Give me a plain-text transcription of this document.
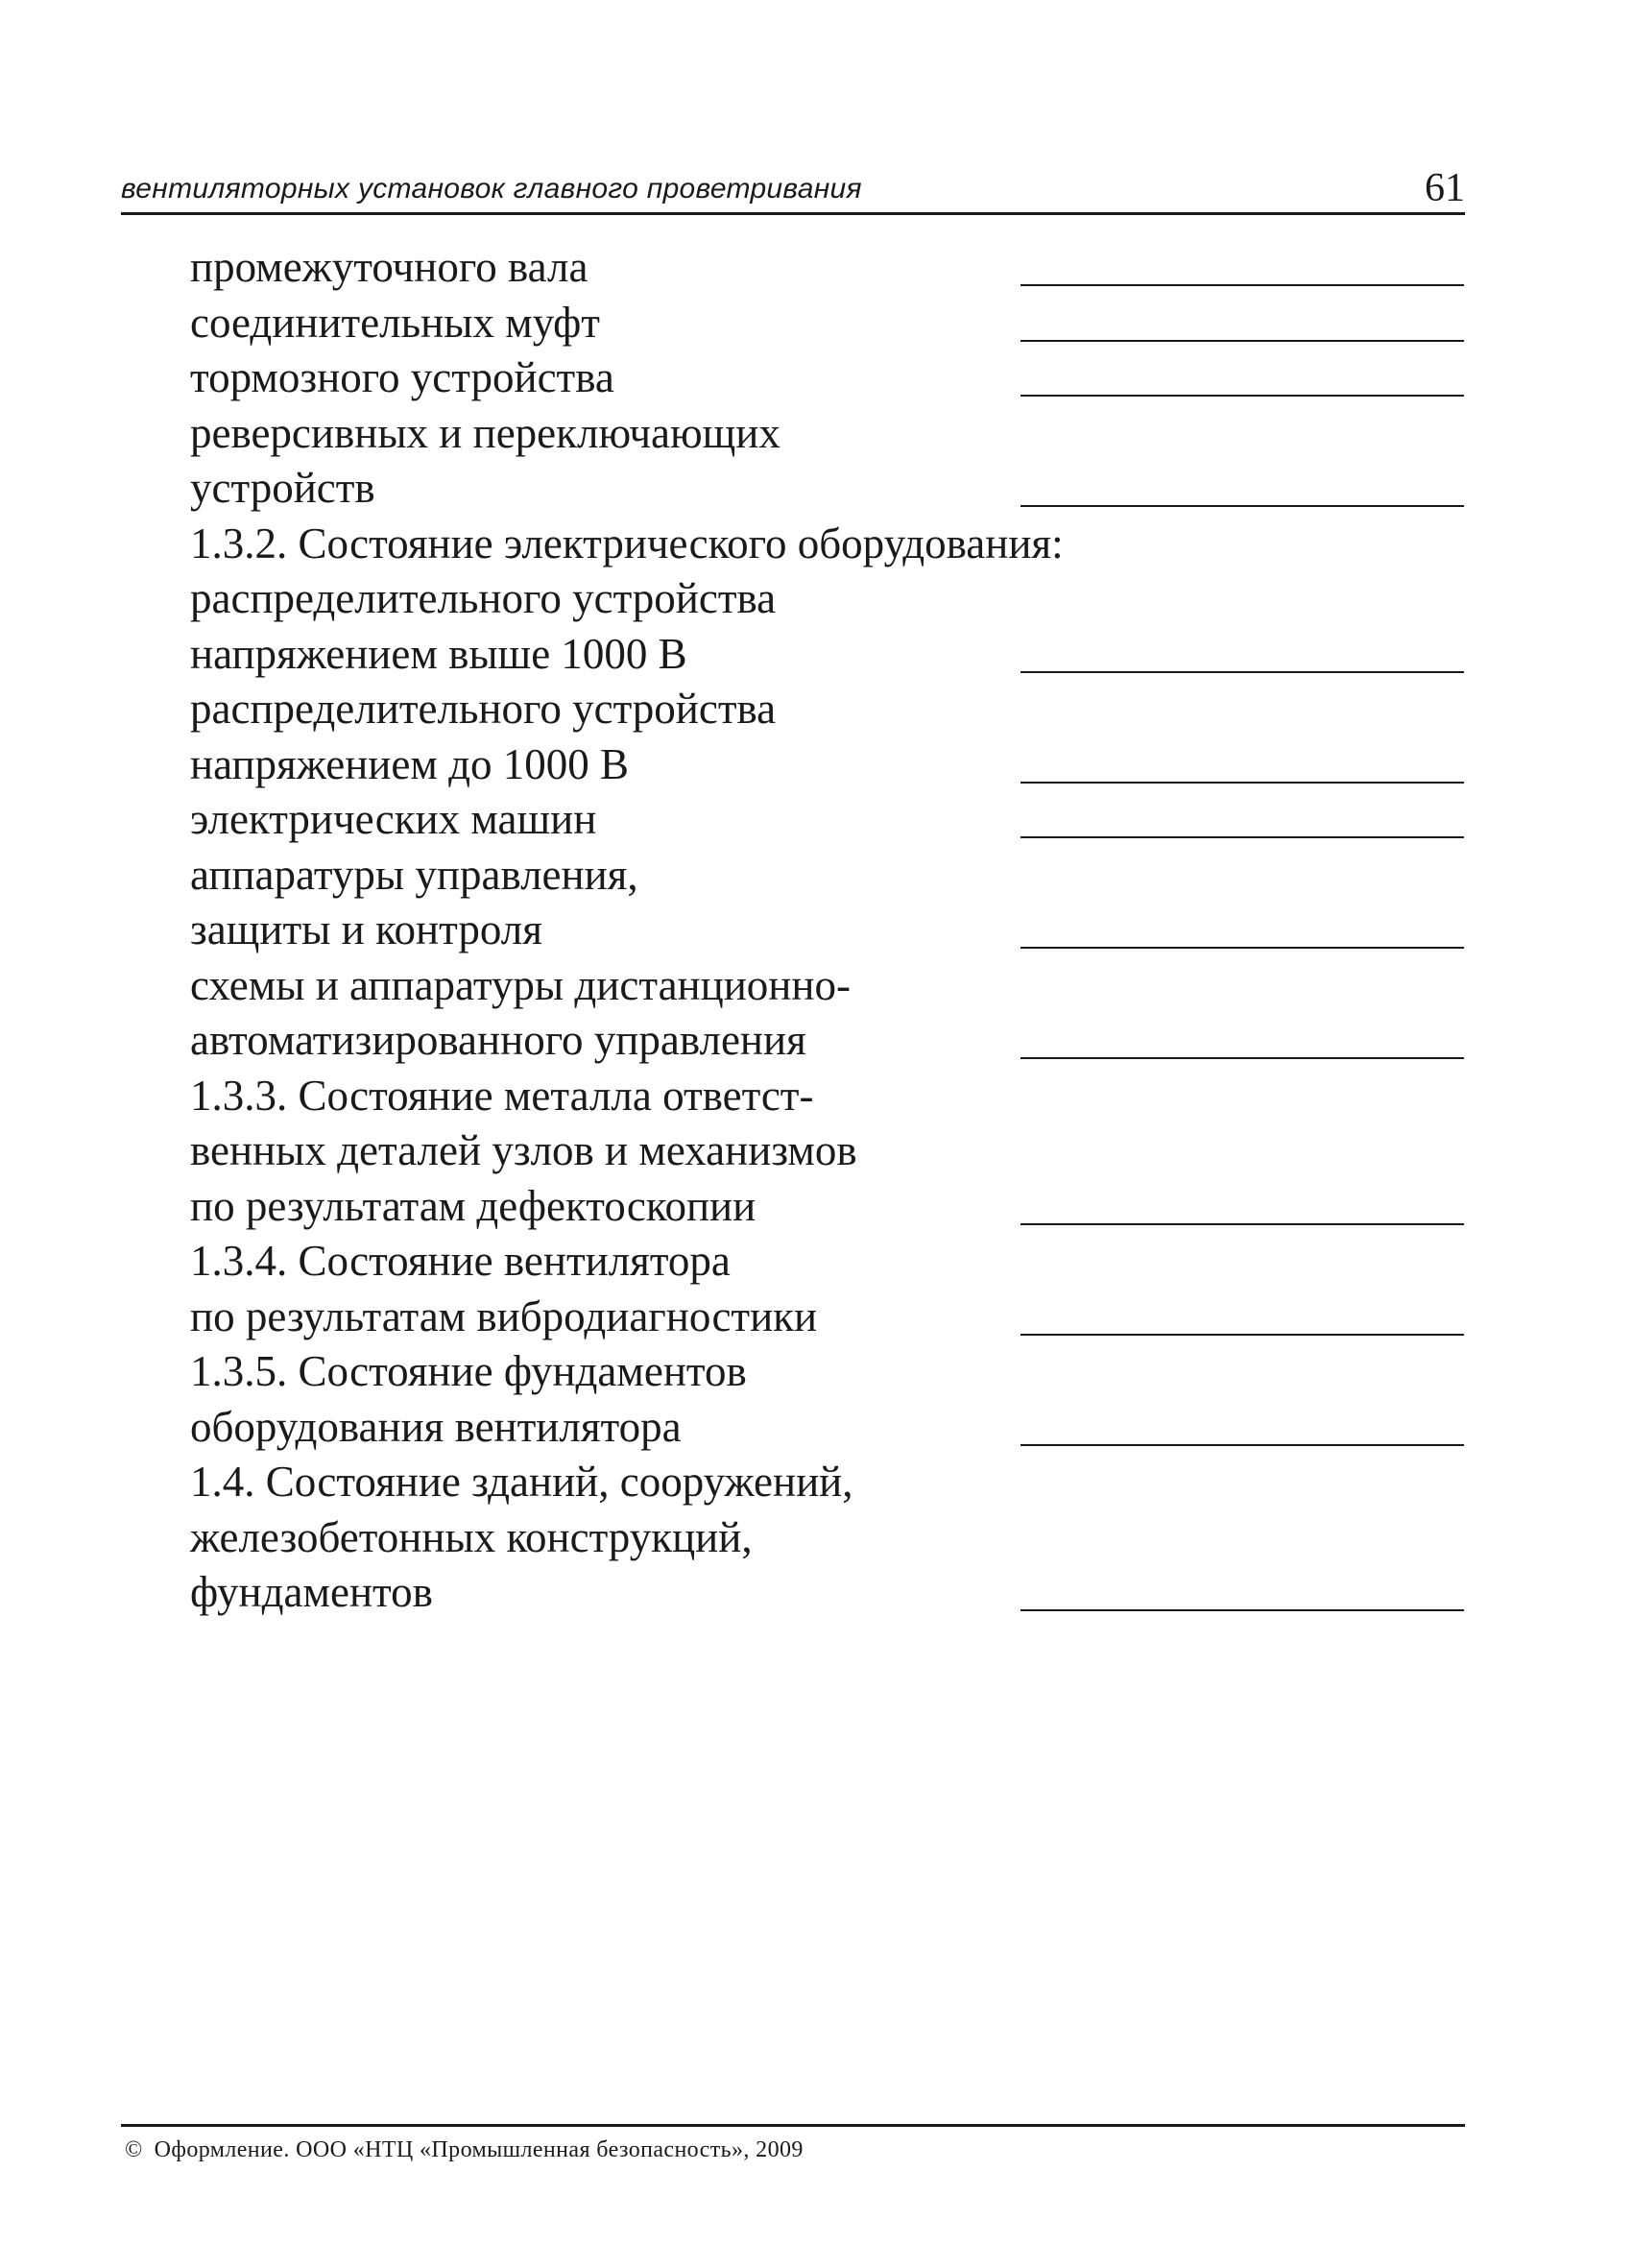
вентиляторных установок главного проветривания	61
промежуточного вала
соединительных муфт
тормозного устройства
реверсивных и переключающих
устройств
1.3.2. Состояние электрического оборудования:
распределительного устройства
напряжением выше 1000 В
распределительного устройства
напряжением до 1000 В
электрических машин
аппаратуры управления,
защиты и контроля
схемы и аппаратуры дистанционно-
автоматизированного управления
1.3.3. Состояние металла ответст-
венных деталей узлов и механизмов
по результатам дефектоскопии
1.3.4. Состояние вентилятора
по результатам вибродиагностики
1.3.5. Состояние фундаментов
оборудования вентилятора
1.4. Состояние зданий, сооружений,
железобетонных конструкций,
фундаментов
© Оформление. ООО «НТЦ «Промышленная безопасность», 2009
